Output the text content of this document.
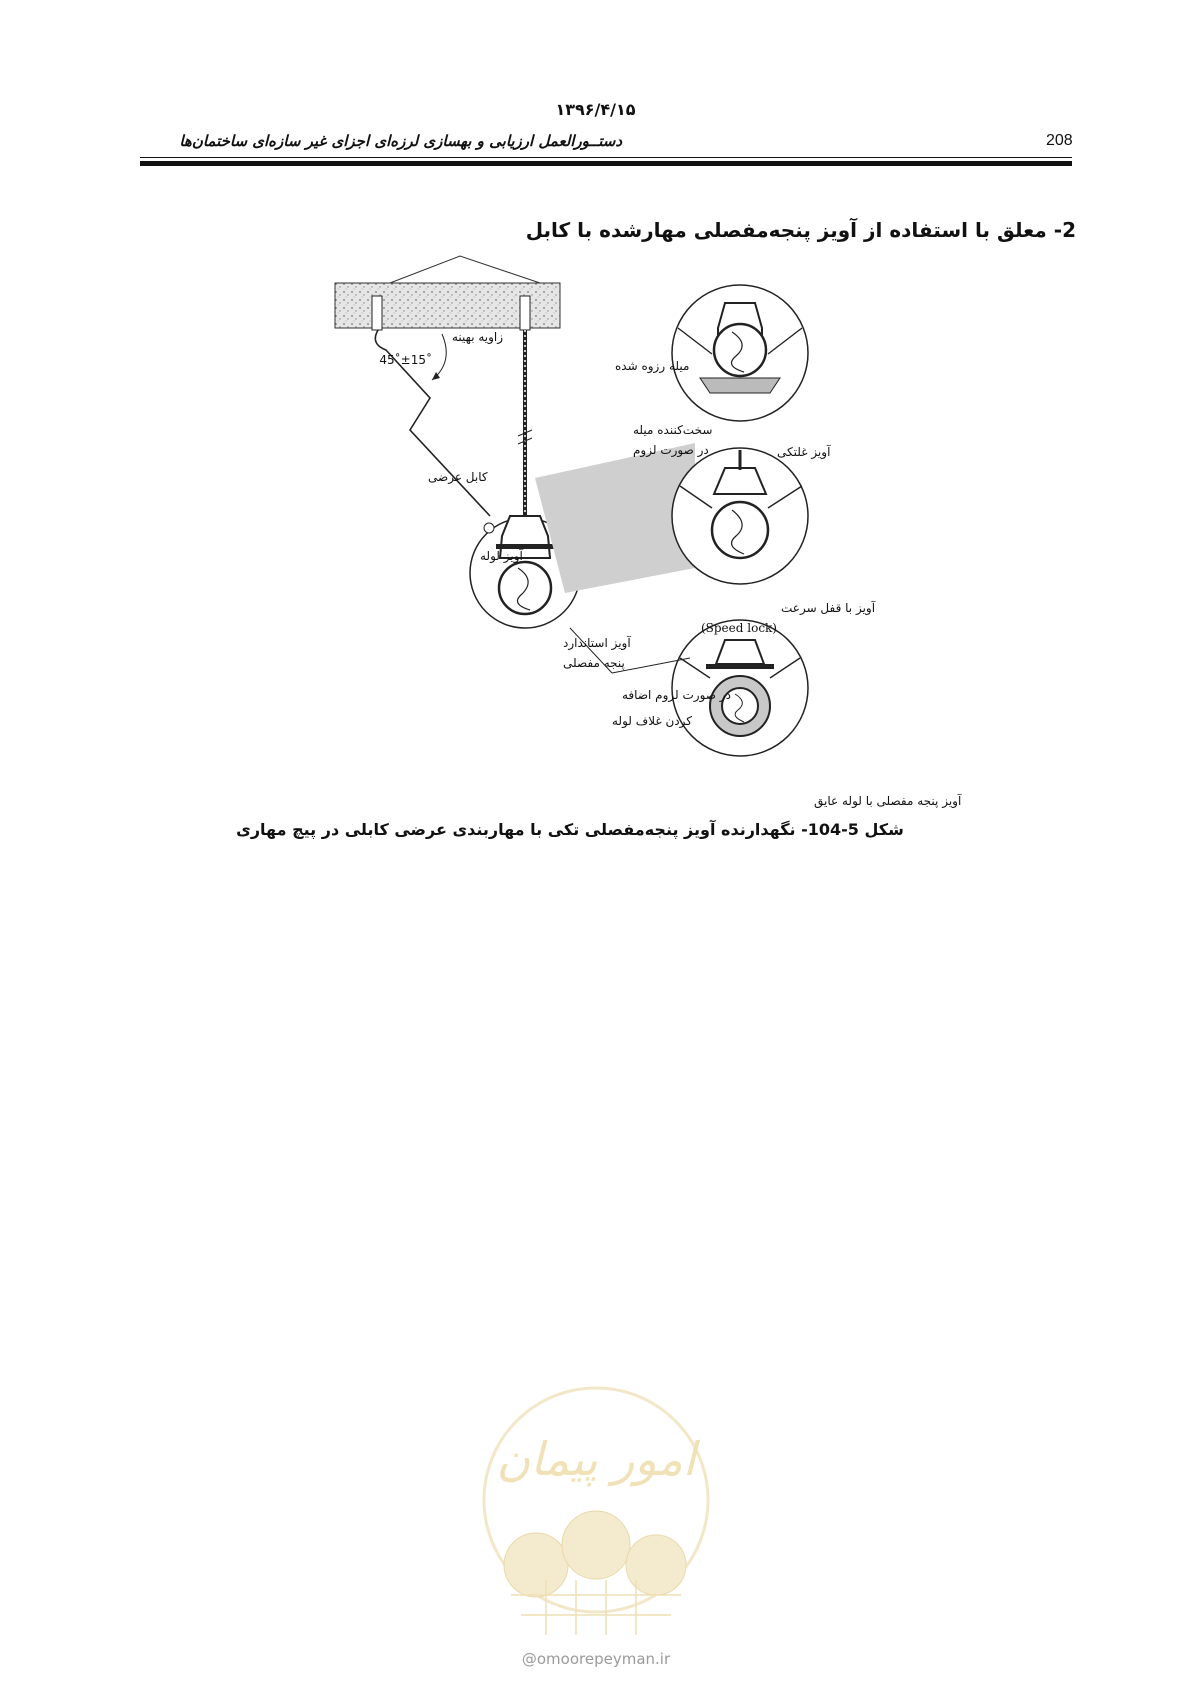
۱۳۹۶/۴/۱۵
208
دستــورالعمل ارزیابی و بهسازی لرزه‌ای اجزای غیر سازه‌ای ساختمان‌ها
2- معلق با استفاده از آویز پنجه‌مفصلی مهارشده با کابل
زاویه بهینه
45˚±15˚	میله رزوه شده
سخت‌کننده میله
در صورت لزوم
کابل عرضی
آویز لوله
آویز استاندارد
پنجه مفصلی
در صورت لزوم اضافه
کردن غلاف لوله
آویز غلتکی
آویز با قفل سرعت
(Speed lock)
آویز پنجه مفصلی با لوله عایق
شکل 5-104- نگهدارنده آویز پنجه‌مفصلی تکی با مهاربندی عرضی کابلی در پیچ مهاری
امور پیمان
@omoorepeyman.ir
